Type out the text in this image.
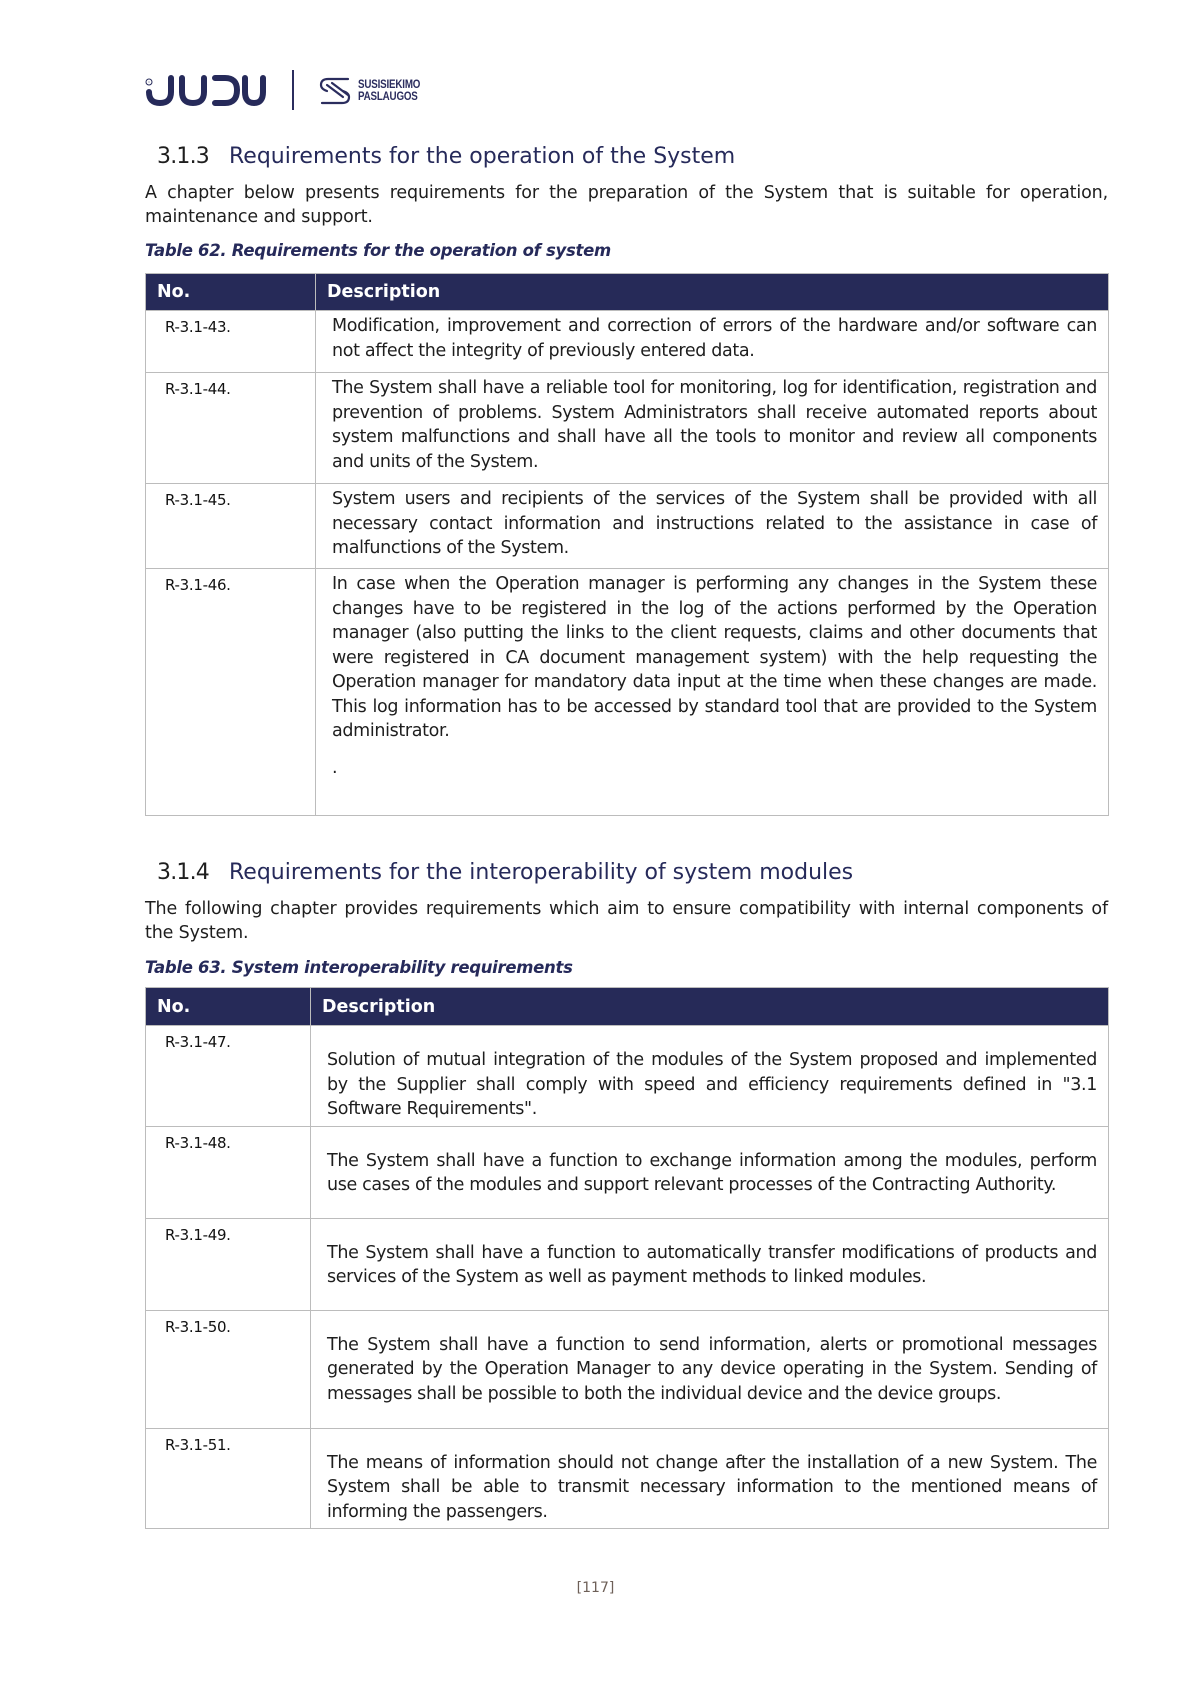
SUSISIEKIMO
PASLAUGOS
3.1.3 Requirements for the operation of the System
A chapter below presents requirements for the preparation of the System that is suitable for operation, maintenance and support.
Table 62. Requirements for the operation of system
No.	Description
R-3.1-43.	Modification, improvement and correction of errors of the hardware and/or software can not affect the integrity of previously entered data.
R-3.1-44.	The System shall have a reliable tool for monitoring, log for identification, registration and prevention of problems. System Administrators shall receive automated reports about system malfunctions and shall have all the tools to monitor and review all components and units of the System.
R-3.1-45.	System users and recipients of the services of the System shall be provided with all necessary contact information and instructions related to the assistance in case of malfunctions of the System.
R-3.1-46.	In case when the Operation manager is performing any changes in the System these changes have to be registered in the log of the actions performed by the Operation manager (also putting the links to the client requests, claims and other documents that were registered in CA document management system) with the help requesting the Operation manager for mandatory data input at the time when these changes are made. This log information has to be accessed by standard tool that are provided to the System administrator.
.
3.1.4 Requirements for the interoperability of system modules
The following chapter provides requirements which aim to ensure compatibility with internal components of the System.
Table 63. System interoperability requirements
No.	Description
R-3.1-47.	Solution of mutual integration of the modules of the System proposed and implemented by the Supplier shall comply with speed and efficiency requirements defined in "3.1 Software Requirements".
R-3.1-48.	The System shall have a function to exchange information among the modules, perform use cases of the modules and support relevant processes of the Contracting Authority.
R-3.1-49.	The System shall have a function to automatically transfer modifications of products and services of the System as well as payment methods to linked modules.
R-3.1-50.	The System shall have a function to send information, alerts or promotional messages generated by the Operation Manager to any device operating in the System. Sending of messages shall be possible to both the individual device and the device groups.
R-3.1-51.	The means of information should not change after the installation of a new System. The System shall be able to transmit necessary information to the mentioned means of informing the passengers.
[117]
